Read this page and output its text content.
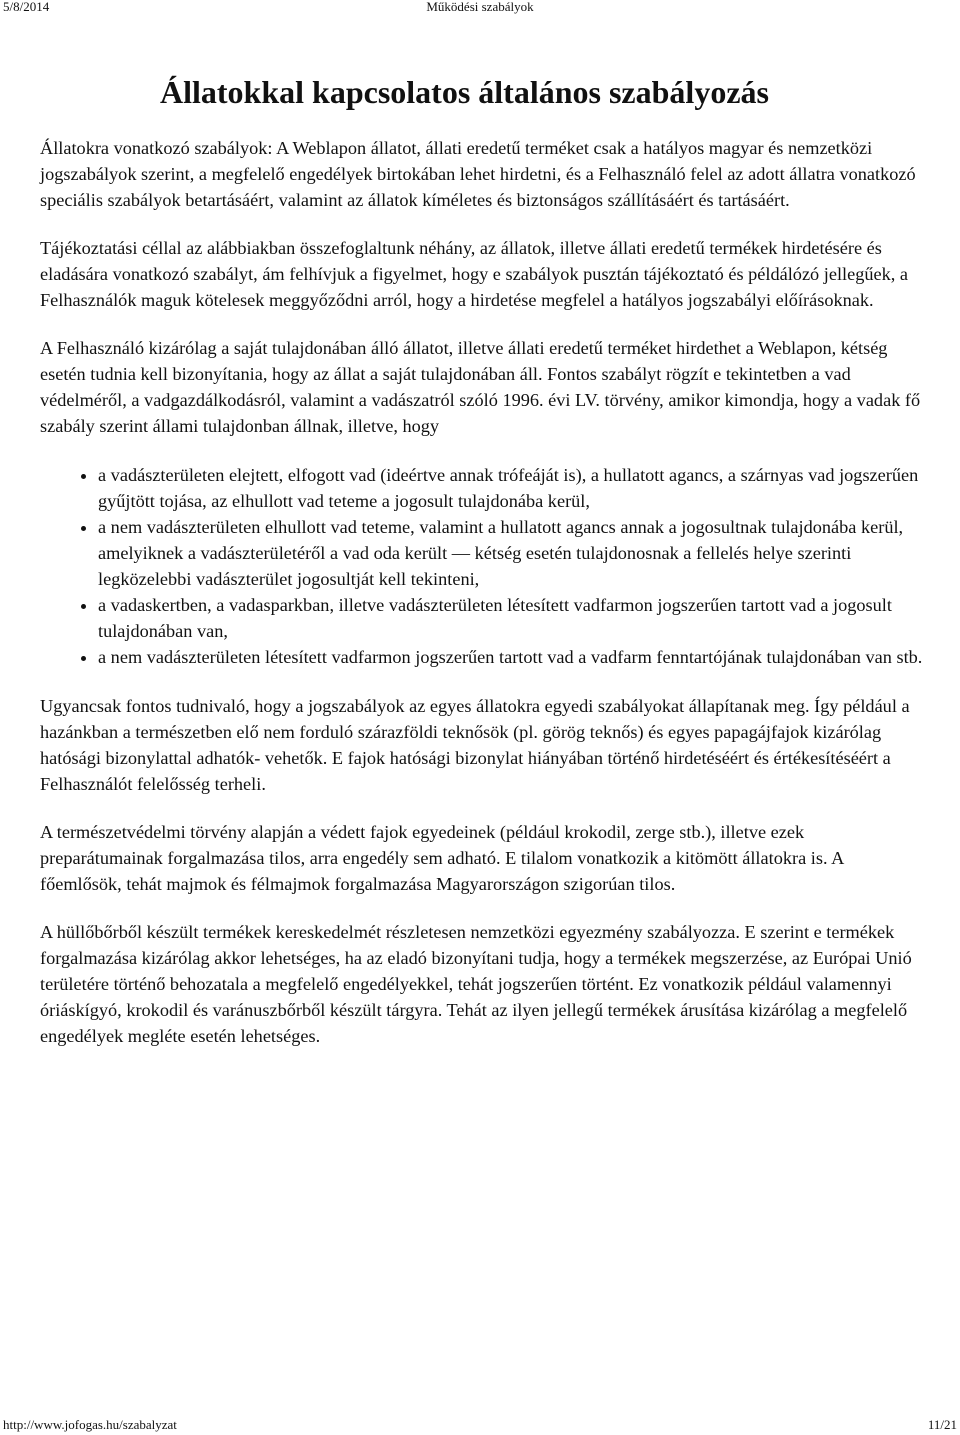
5/8/2014	Működési szabályok
Állatokkal kapcsolatos általános szabályozás

Állatokra vonatkozó szabályok: A Weblapon állatot, állati eredetű terméket csak a hatályos magyar és nemzetközi jogszabályok szerint, a megfelelő engedélyek birtokában lehet hirdetni, és a Felhasználó felel az adott állatra vonatkozó speciális szabályok betartásáért, valamint az állatok kíméletes és biztonságos szállításáért és tartásáért.

Tájékoztatási céllal az alábbiakban összefoglaltunk néhány, az állatok, illetve állati eredetű termékek hirdetésére és eladására vonatkozó szabályt, ám felhívjuk a figyelmet, hogy e szabályok pusztán tájékoztató és példálózó jellegűek, a Felhasználók maguk kötelesek meggyőződni arról, hogy a hirdetése megfelel a hatályos jogszabályi előírásoknak.

A Felhasználó kizárólag a saját tulajdonában álló állatot, illetve állati eredetű terméket hirdethet a Weblapon, kétség esetén tudnia kell bizonyítania, hogy az állat a saját tulajdonában áll. Fontos szabályt rögzít e tekintetben a vad védelméről, a vadgazdálkodásról, valamint a vadászatról szóló 1996. évi LV. törvény, amikor kimondja, hogy a vadak fő szabály szerint állami tulajdonban állnak, illetve, hogy

• a vadászterületen elejtett, elfogott vad (ideértve annak trófeáját is), a hullatott agancs, a szárnyas vad jogszerűen gyűjtött tojása, az elhullott vad teteme a jogosult tulajdonába kerül,
• a nem vadászterületen elhullott vad teteme, valamint a hullatott agancs annak a jogosultnak tulajdonába kerül, amelyiknek a vadászterületéről a vad oda került — kétség esetén tulajdonosnak a fellelés helye szerinti legközelebbi vadászterület jogosultját kell tekinteni,
• a vadaskertben, a vadasparkban, illetve vadászterületen létesített vadfarmon jogszerűen tartott vad a jogosult tulajdonában van,
• a nem vadászterületen létesített vadfarmon jogszerűen tartott vad a vadfarm fenntartójának tulajdonában van stb.

Ugyancsak fontos tudnivaló, hogy a jogszabályok az egyes állatokra egyedi szabályokat állapítanak meg. Így például a hazánkban a természetben elő nem forduló szárazföldi teknősök (pl. görög teknős) és egyes papagájfajok kizárólag hatósági bizonylattal adhatók- vehetők. E fajok hatósági bizonylat hiányában történő hirdetéséért és értékesítéséért a Felhasználót felelősség terheli.

A természetvédelmi törvény alapján a védett fajok egyedeinek (például krokodil, zerge stb.), illetve ezek preparátumainak forgalmazása tilos, arra engedély sem adható. E tilalom vonatkozik a kitömött állatokra is. A főemlősök, tehát majmok és félmajmok forgalmazása Magyarországon szigorúan tilos.

A hüllőbőrből készült termékek kereskedelmét részletesen nemzetközi egyezmény szabályozza. E szerint e termékek forgalmazása kizárólag akkor lehetséges, ha az eladó bizonyítani tudja, hogy a termékek megszerzése, az Európai Unió területére történő behozatala a megfelelő engedélyekkel, tehát jogszerűen történt. Ez vonatkozik például valamennyi óriáskígyó, krokodil és varánuszbőrből készült tárgyra. Tehát az ilyen jellegű termékek árusítása kizárólag a megfelelő engedélyek megléte esetén lehetséges.

http://www.jofogas.hu/szabalyzat	11/21
